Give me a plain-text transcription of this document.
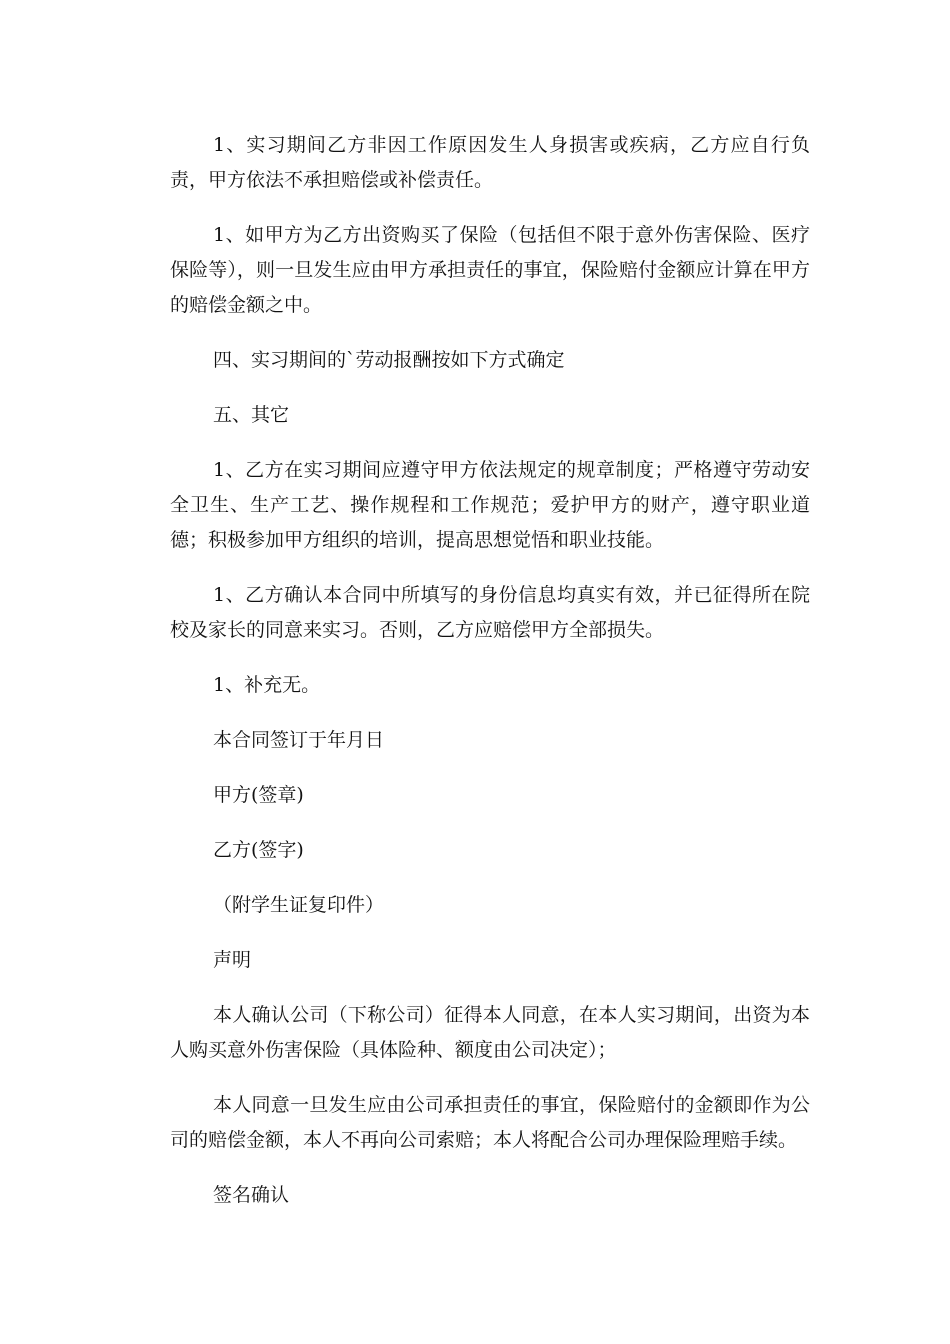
1、实习期间乙方非因工作原因发生人身损害或疾病，乙方应自行负责，甲方依法不承担赔偿或补偿责任。

1、如甲方为乙方出资购买了保险（包括但不限于意外伤害保险、医疗保险等），则一旦发生应由甲方承担责任的事宜，保险赔付金额应计算在甲方的赔偿金额之中。

四、实习期间的`劳动报酬按如下方式确定

五、其它

1、乙方在实习期间应遵守甲方依法规定的规章制度；严格遵守劳动安全卫生、生产工艺、操作规程和工作规范；爱护甲方的财产，遵守职业道德；积极参加甲方组织的培训，提高思想觉悟和职业技能。

1、乙方确认本合同中所填写的身份信息均真实有效，并已征得所在院校及家长的同意来实习。否则，乙方应赔偿甲方全部损失。

1、补充无。

本合同签订于年月日

甲方(签章)

乙方(签字)

（附学生证复印件）

声明

本人确认公司（下称公司）征得本人同意，在本人实习期间，出资为本人购买意外伤害保险（具体险种、额度由公司决定）；

本人同意一旦发生应由公司承担责任的事宜，保险赔付的金额即作为公司的赔偿金额，本人不再向公司索赔；本人将配合公司办理保险理赔手续。

签名确认
